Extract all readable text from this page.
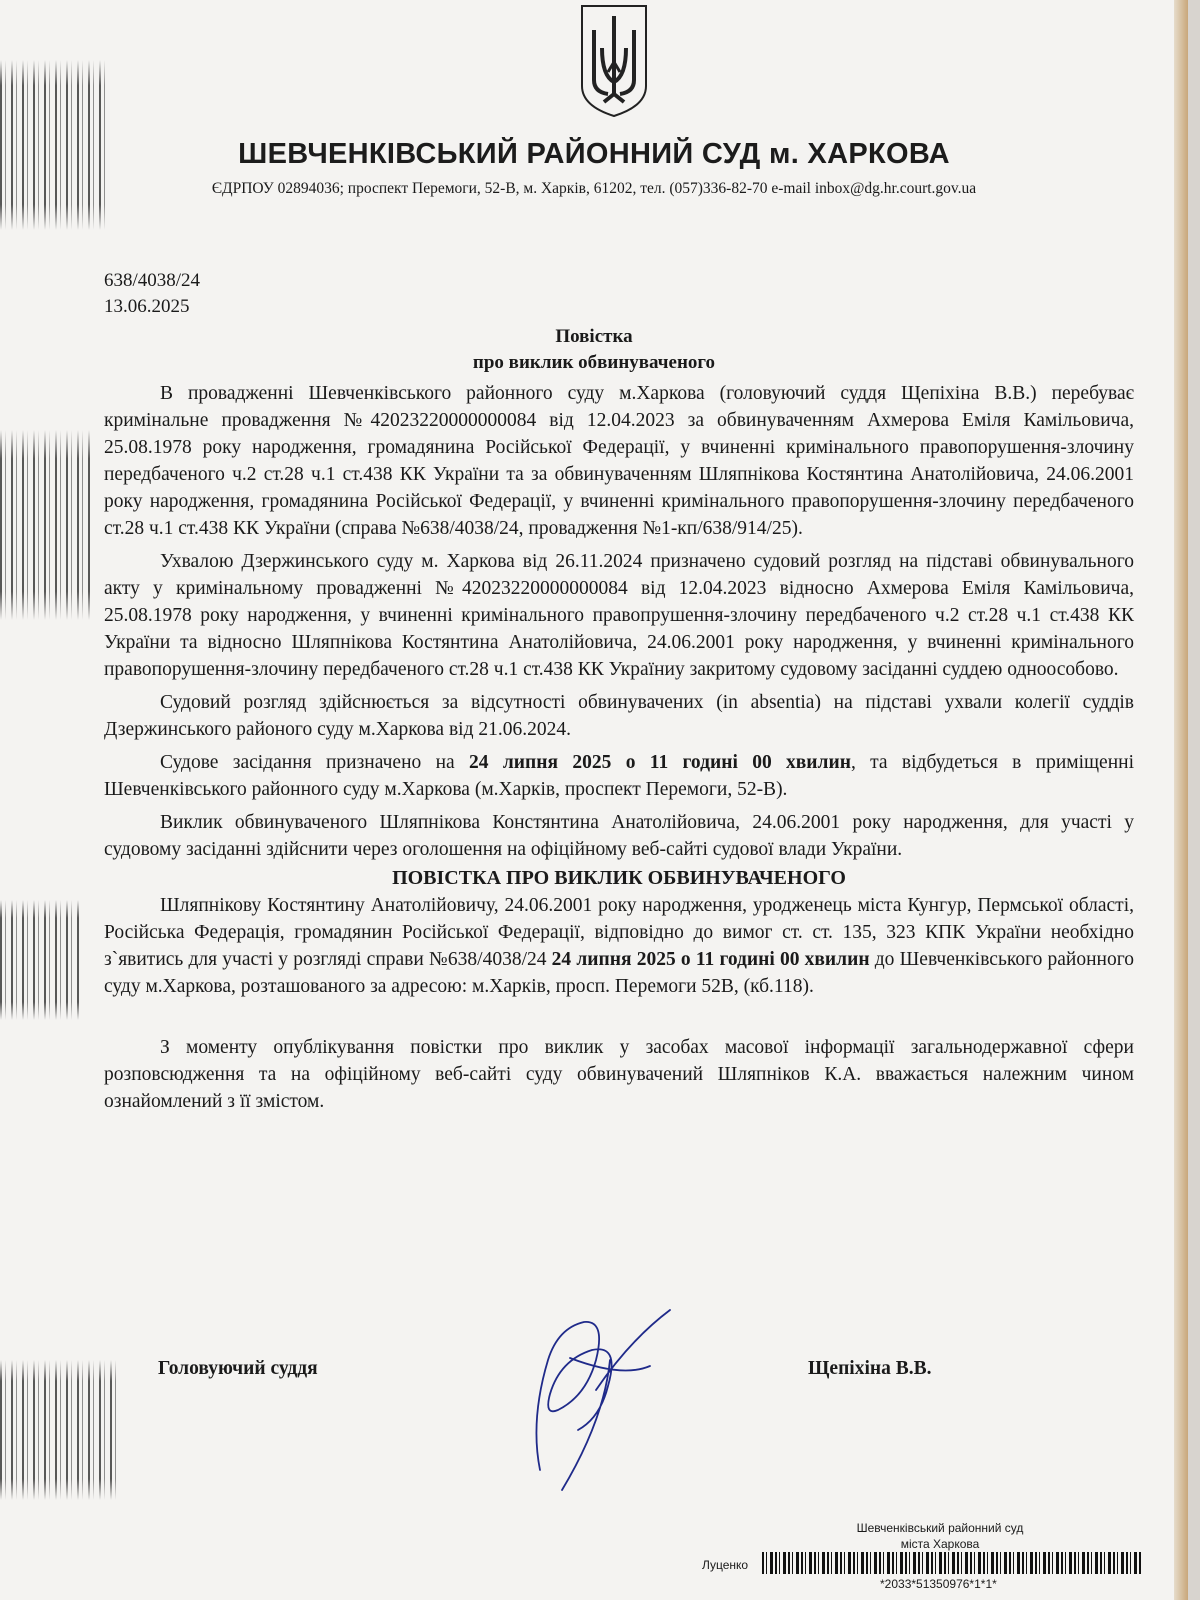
ШЕВЧЕНКІВСЬКИЙ РАЙОННИЙ СУД м. ХАРКОВА
ЄДРПОУ 02894036; проспект Перемоги, 52-В, м. Харків, 61202, тел. (057)336-82-70 e-mail inbox@dg.hr.court.gov.ua
638/4038/24
13.06.2025
Повістка
про виклик обвинуваченого

В провадженні Шевченківського районного суду м.Харкова (головуючий суддя Щепіхіна В.В.) перебуває кримінальне провадження №42023220000000084 від 12.04.2023 за обвинуваченням Ахмерова Еміля Камільовича, 25.08.1978 року народження, громадянина Російської Федерації, у вчиненні кримінального правопорушення-злочину передбаченого ч.2 ст.28 ч.1 ст.438 КК України та за обвинуваченням Шляпнікова Костянтина Анатолійовича, 24.06.2001 року народження, громадянина Російської Федерації, у вчиненні кримінального правопорушення-злочину передбаченого ст.28 ч.1 ст.438 КК України (справа №638/4038/24, провадження №1-кп/638/914/25).

Ухвалою Дзержинського суду м. Харкова від 26.11.2024 призначено судовий розгляд на підставі обвинувального акту у кримінальному провадженні №42023220000000084 від 12.04.2023 відносно Ахмерова Еміля Камільовича, 25.08.1978 року народження, у вчиненні кримінального правопрушення-злочину передбаченого ч.2 ст.28 ч.1 ст.438 КК України та відносно Шляпнікова Костянтина Анатолійовича, 24.06.2001 року народження, у вчиненні кримінального правопорушення-злочину передбаченого ст.28 ч.1 ст.438 КК Україниу закритому судовому засіданні суддею одноособово.

Судовий розгляд здійснюється за відсутності обвинувачених (in absentia) на підставі ухвали колегії суддів Дзержинського районого суду м.Харкова від 21.06.2024.

Судове засідання призначено на 24 липня 2025 о 11 годині 00 хвилин, та відбудеться в приміщенні Шевченківського районного суду м.Харкова (м.Харків, проспект Перемоги, 52-В).

Виклик обвинуваченого Шляпнікова Констянтина Анатолійовича, 24.06.2001 року народження, для участі у судовому засіданні здійснити через оголошення на офіційному веб-сайті судової влади України.

ПОВІСТКА ПРО ВИКЛИК ОБВИНУВАЧЕНОГО

Шляпнікову Костянтину Анатолійовичу, 24.06.2001 року народження, уродженець міста Кунгур, Пермської області, Російська Федерація, громадянин Російської Федерації, відповідно до вимог ст. ст. 135, 323 КПК України необхідно з`явитись для участі у розгляді справи №638/4038/24 24 липня 2025 о 11 годині 00 хвилин до Шевченківського районного суду м.Харкова, розташованого за адресою: м.Харків, просп. Перемоги 52В, (кб.118).

З моменту опублікування повістки про виклик у засобах масової інформації загальнодержавної сфери розповсюдження та на офіційному веб-сайті суду обвинувачений Шляпніков К.А. вважається належним чином ознайомлений з її змістом.

Головуючий суддя	Щепіхіна В.В.
Шевченківський районний суд
міста Харкова
Луценко
*2033*51350976*1*1*
